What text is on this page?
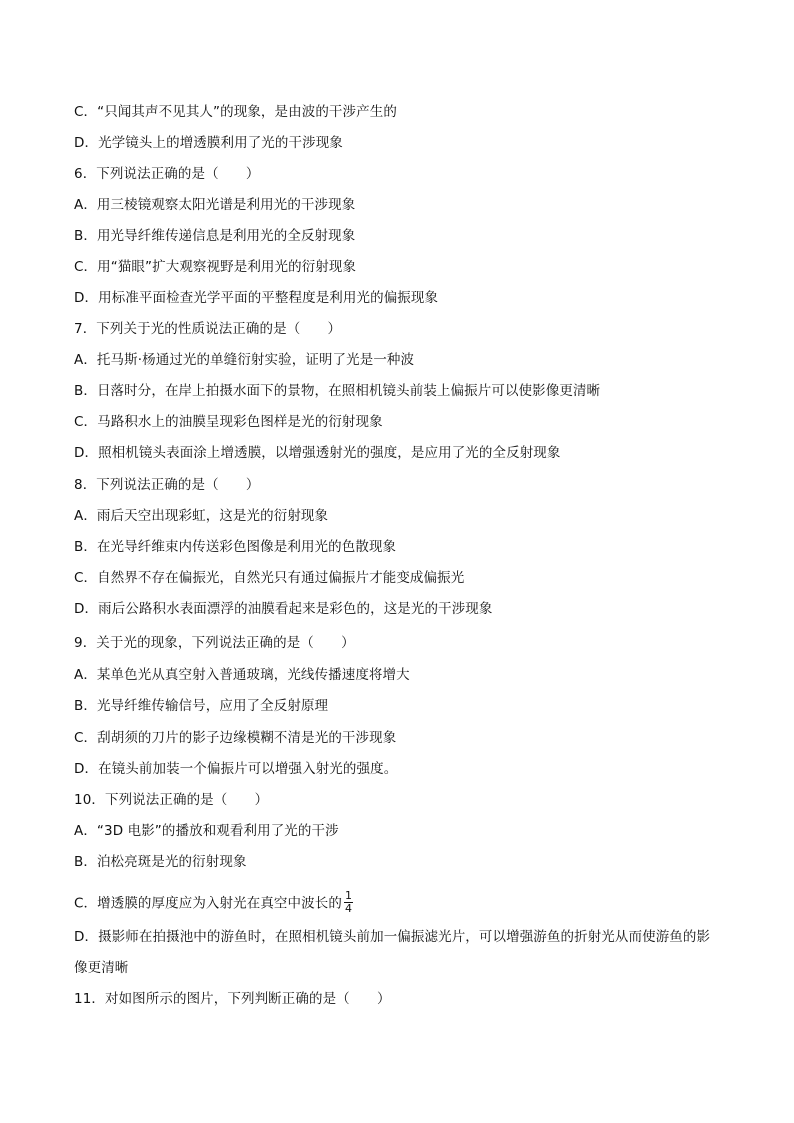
C．“只闻其声不见其人”的现象，是由波的干涉产生的
D．光学镜头上的增透膜利用了光的干涉现象
6．下列说法正确的是（　　）
A．用三棱镜观察太阳光谱是利用光的干涉现象
B．用光导纤维传递信息是利用光的全反射现象
C．用“猫眼”扩大观察视野是利用光的衍射现象
D．用标准平面检查光学平面的平整程度是利用光的偏振现象
7．下列关于光的性质说法正确的是（　　）
A．托马斯·杨通过光的单缝衍射实验，证明了光是一种波
B．日落时分，在岸上拍摄水面下的景物，在照相机镜头前装上偏振片可以使影像更清晰
C．马路积水上的油膜呈现彩色图样是光的衍射现象
D．照相机镜头表面涂上增透膜，以增强透射光的强度，是应用了光的全反射现象
8．下列说法正确的是（　　）
A．雨后天空出现彩虹，这是光的衍射现象
B．在光导纤维束内传送彩色图像是利用光的色散现象
C．自然界不存在偏振光，自然光只有通过偏振片才能变成偏振光
D．雨后公路积水表面漂浮的油膜看起来是彩色的，这是光的干涉现象
9．关于光的现象，下列说法正确的是（　　）
A．某单色光从真空射入普通玻璃，光线传播速度将增大
B．光导纤维传输信号，应用了全反射原理
C．刮胡须的刀片的影子边缘模糊不清是光的干涉现象
D．在镜头前加装一个偏振片可以增强入射光的强度。
10．下列说法正确的是（　　）
A．“3D 电影”的播放和观看利用了光的干涉
B．泊松亮斑是光的衍射现象
C．增透膜的厚度应为入射光在真空中波长的 $\frac{1}{4}$
D．摄影师在拍摄池中的游鱼时，在照相机镜头前加一偏振滤光片，可以增强游鱼的折射光从而使游鱼的影
像更清晰
11．对如图所示的图片，下列判断正确的是（　　）
